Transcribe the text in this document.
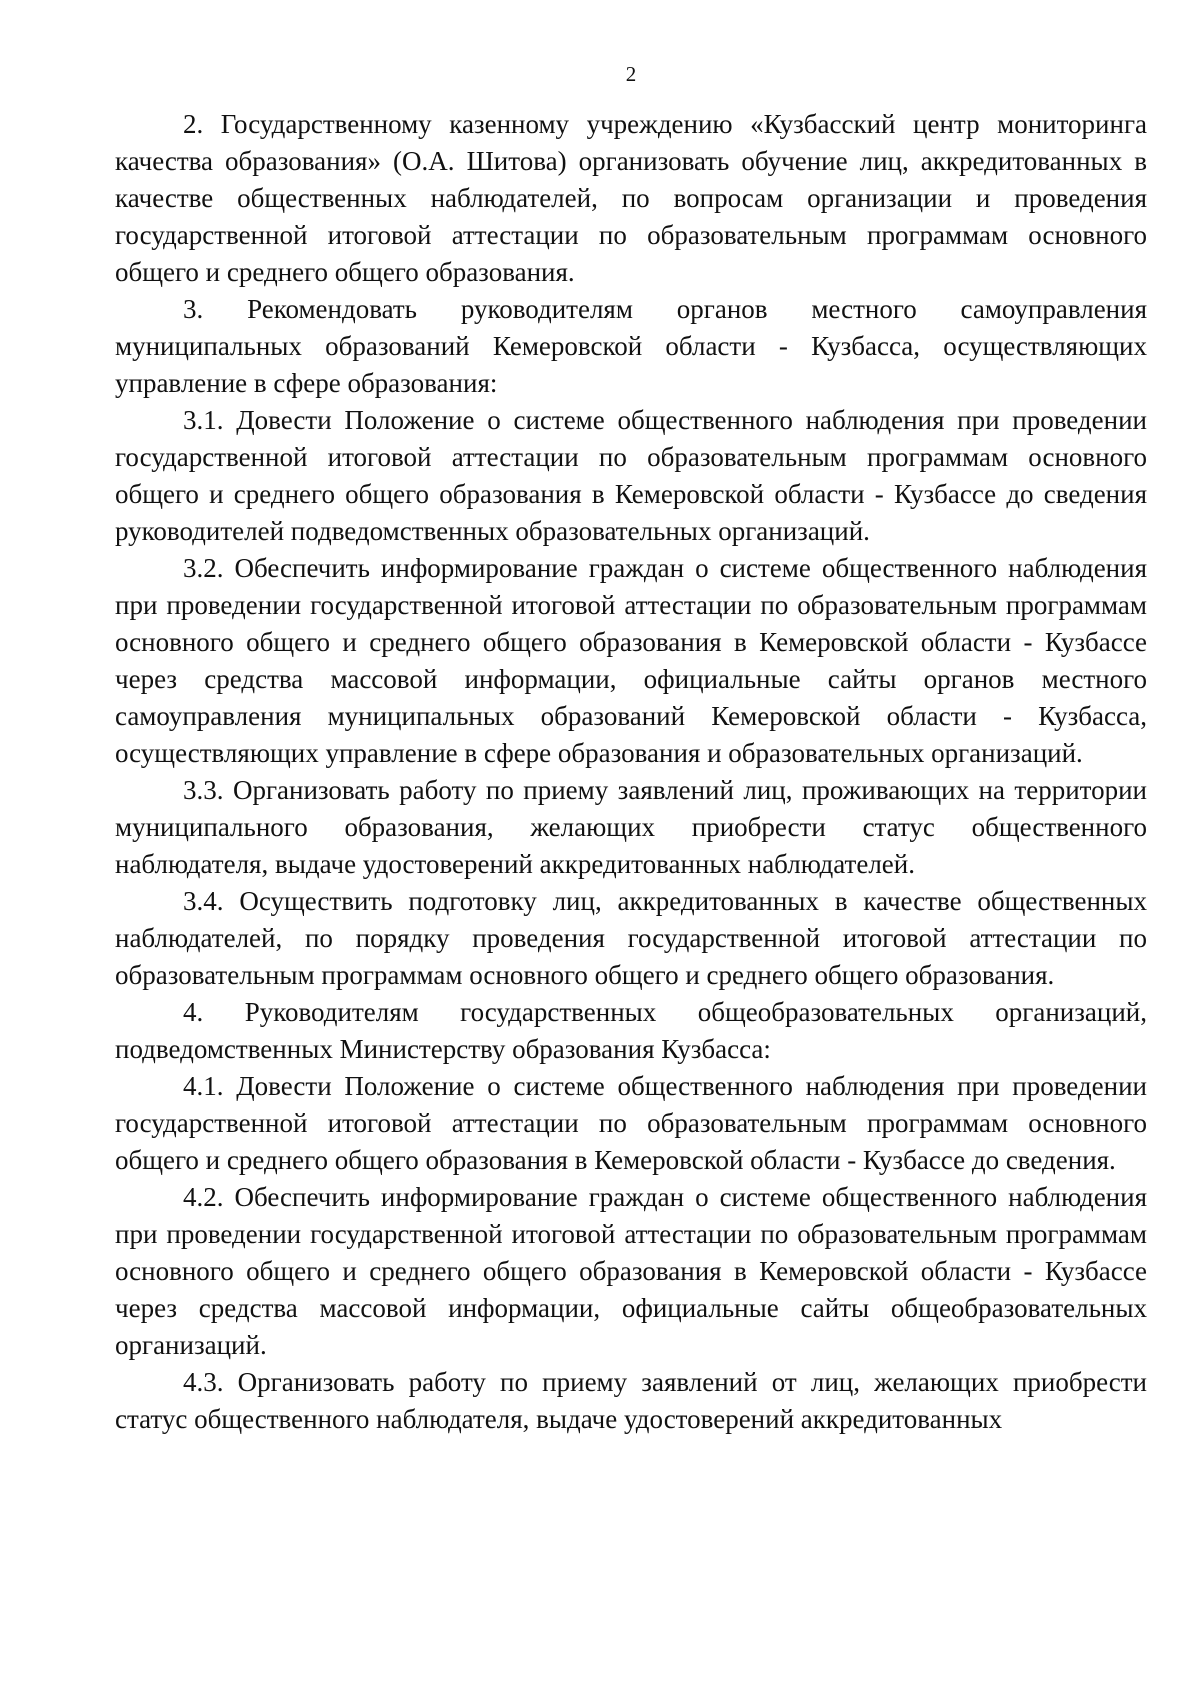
2

2. Государственному казенному учреждению «Кузбасский центр мониторинга качества образования» (О.А. Шитова) организовать обучение лиц, аккредитованных в качестве общественных наблюдателей, по вопросам организации и проведения государственной итоговой аттестации по образовательным программам основного общего и среднего общего образования.

3. Рекомендовать руководителям органов местного самоуправления муниципальных образований Кемеровской области - Кузбасса, осуществляющих управление в сфере образования:

3.1. Довести Положение о системе общественного наблюдения при проведении государственной итоговой аттестации по образовательным программам основного общего и среднего общего образования в Кемеровской области - Кузбассе до сведения руководителей подведомственных образовательных организаций.

3.2. Обеспечить информирование граждан о системе общественного наблюдения при проведении государственной итоговой аттестации по образовательным программам основного общего и среднего общего образования в Кемеровской области - Кузбассе через средства массовой информации, официальные сайты органов местного самоуправления муниципальных образований Кемеровской области - Кузбасса, осуществляющих управление в сфере образования и образовательных организаций.

3.3. Организовать работу по приему заявлений лиц, проживающих на территории муниципального образования, желающих приобрести статус общественного наблюдателя, выдаче удостоверений аккредитованных наблюдателей.

3.4. Осуществить подготовку лиц, аккредитованных в качестве общественных наблюдателей, по порядку проведения государственной итоговой аттестации по образовательным программам основного общего и среднего общего образования.

4. Руководителям государственных общеобразовательных организаций, подведомственных Министерству образования Кузбасса:

4.1. Довести Положение о системе общественного наблюдения при проведении государственной итоговой аттестации по образовательным программам основного общего и среднего общего образования в Кемеровской области - Кузбассе до сведения.

4.2. Обеспечить информирование граждан о системе общественного наблюдения при проведении государственной итоговой аттестации по образовательным программам основного общего и среднего общего образования в Кемеровской области - Кузбассе через средства массовой информации, официальные сайты общеобразовательных организаций.

4.3. Организовать работу по приему заявлений от лиц, желающих приобрести статус общественного наблюдателя, выдаче удостоверений аккредитованных
